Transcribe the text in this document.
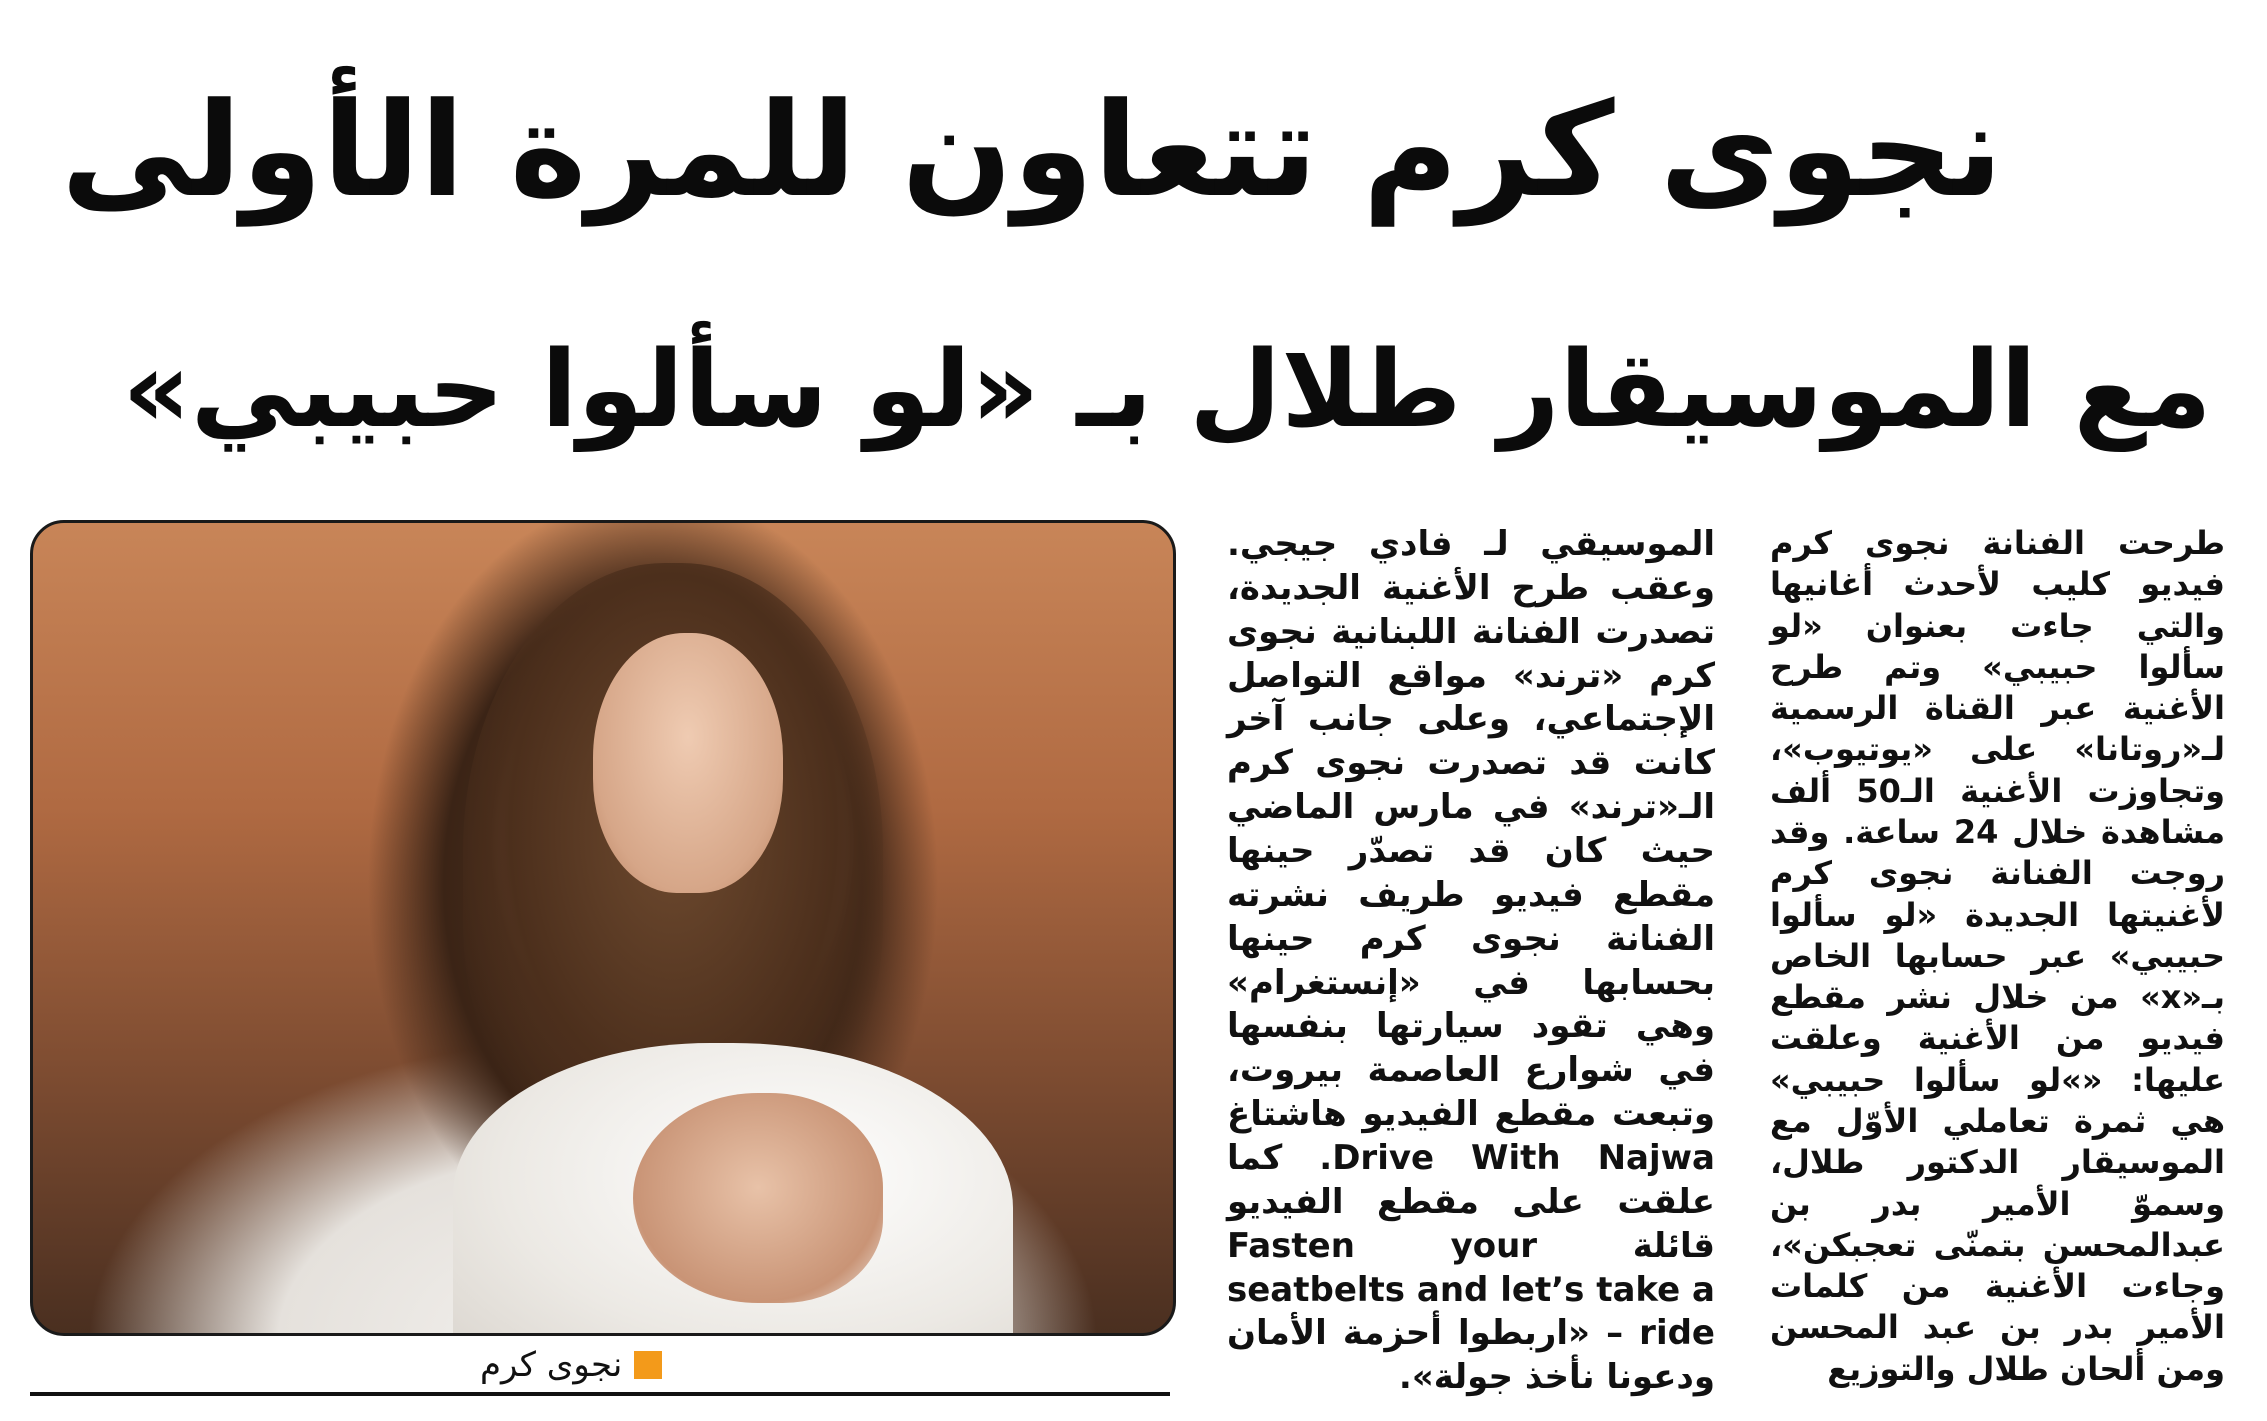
نجوى كرم تتعاون للمرة الأولى
مع الموسيقار طلال بـ «لو سألوا حبيبي»
نجوى كرم

طرحت الفنانة نجوى كرم فيديو كليب لأحدث أغانيها والتي جاءت بعنوان «لو سألوا حبيبي» وتم طرح الأغنية عبر القناة الرسمية لـ«روتانا» على «يوتيوب»، وتجاوزت الأغنية الـ50 ألف مشاهدة خلال 24 ساعة. وقد روجت الفنانة نجوى كرم لأغنيتها الجديدة «لو سألوا حبيبي» عبر حسابها الخاص بـ«x» من خلال نشر مقطع فيديو من الأغنية وعلقت عليها: «»لو سألوا حبيبي» هي ثمرة تعاملي الأوّل مع الموسيقار الدكتور طلال، وسموّ الأمير بدر بن عبدالمحسن بتمنّى تعجبكن»، وجاءت الأغنية من كلمات الأمير بدر بن عبد المحسن ومن ألحان طلال والتوزيع

الموسيقي لـ فادي جيجي. وعقب طرح الأغنية الجديدة، تصدرت الفنانة اللبنانية نجوى كرم «ترند» مواقع التواصل الإجتماعي، وعلى جانب آخر كانت قد تصدرت نجوى كرم الـ«ترند» في مارس الماضي حيث كان قد تصدّر حينها مقطع فيديو طريف نشرته الفنانة نجوى كرم حينها بحسابها في «إنستغرام» وهي تقود سيارتها بنفسها في شوارع العاصمة بيروت، وتبعت مقطع الفيديو هاشتاغ Drive With Najwa. كما علقت على مقطع الفيديو قائلة Fasten your seatbelts and let’s take a ride – «اربطوا أحزمة الأمان ودعونا نأخذ جولة».
